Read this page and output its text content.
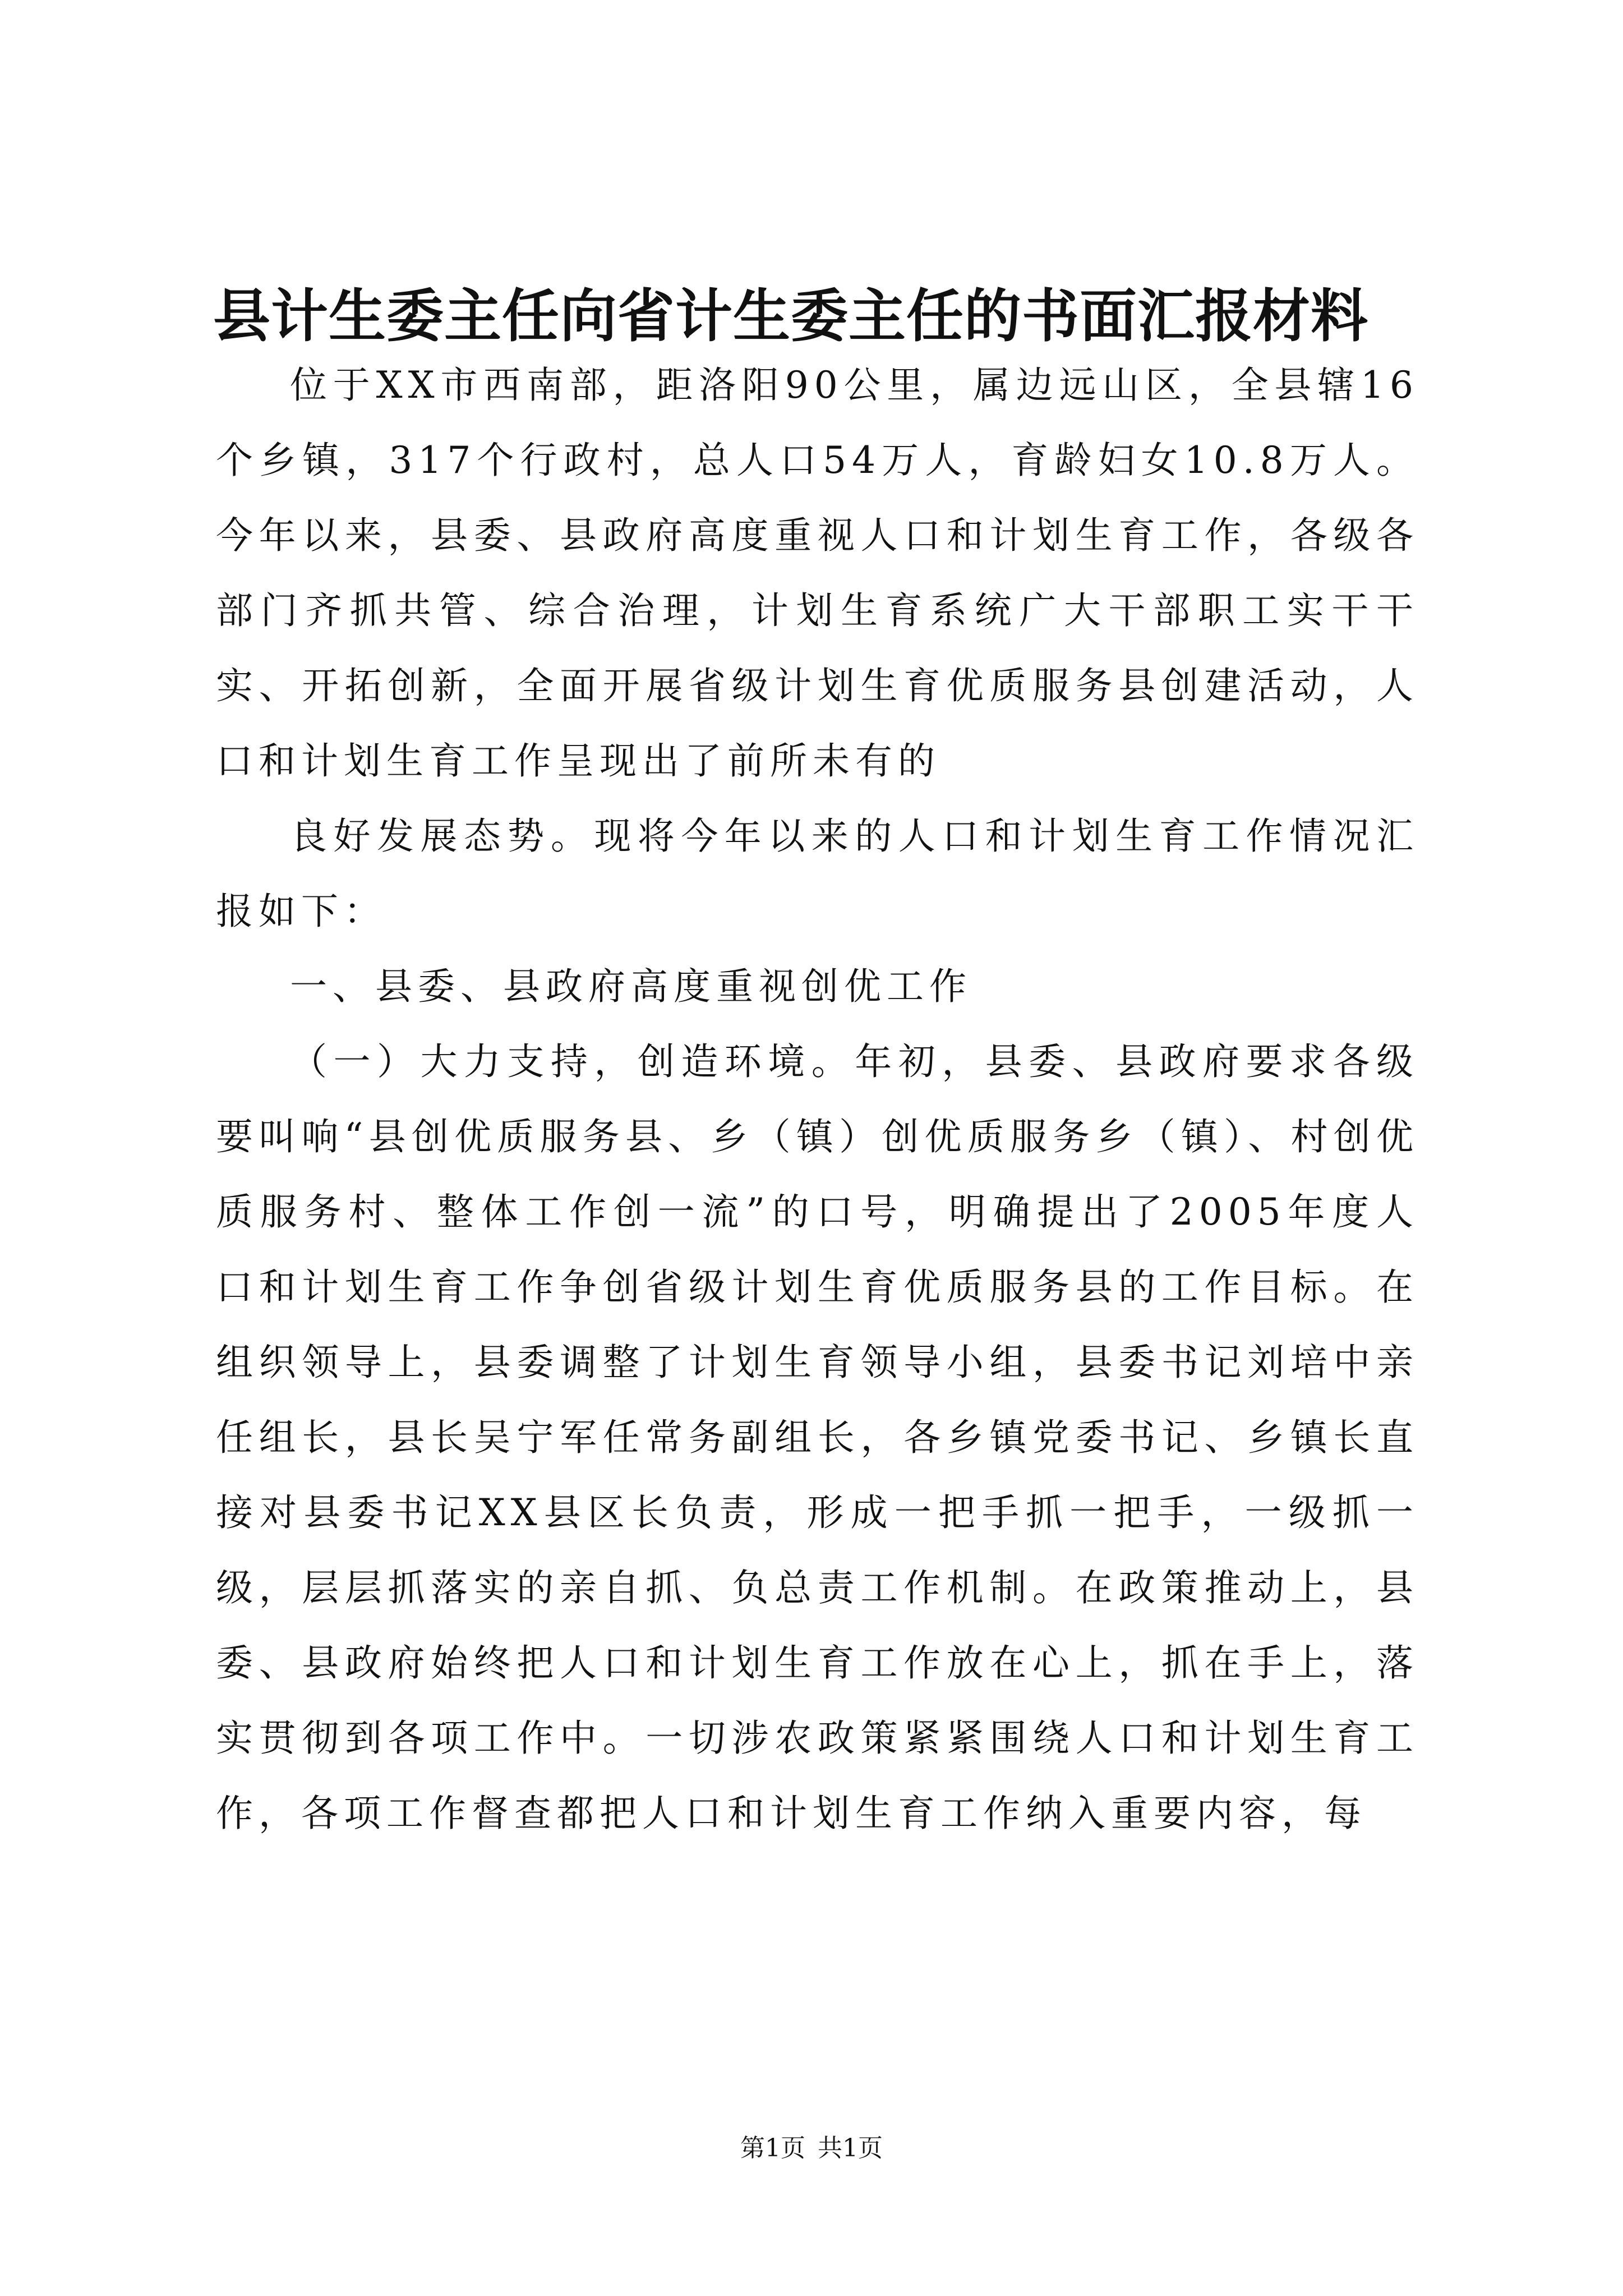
县计生委主任向省计生委主任的书面汇报材料

位于XX市西南部，距洛阳90公里，属边远山区，全县辖16个乡镇，317个行政村，总人口54万人，育龄妇女10.8万人。今年以来，县委、县政府高度重视人口和计划生育工作，各级各部门齐抓共管、综合治理，计划生育系统广大干部职工实干干实、开拓创新，全面开展省级计划生育优质服务县创建活动，人口和计划生育工作呈现出了前所未有的

良好发展态势。现将今年以来的人口和计划生育工作情况汇报如下：

一、县委、县政府高度重视创优工作

（一）大力支持，创造环境。年初，县委、县政府要求各级要叫响“县创优质服务县、乡（镇）创优质服务乡（镇）、村创优质服务村、整体工作创一流”的口号，明确提出了2005年度人口和计划生育工作争创省级计划生育优质服务县的工作目标。在组织领导上，县委调整了计划生育领导小组，县委书记刘培中亲任组长，县长吴宁军任常务副组长，各乡镇党委书记、乡镇长直接对县委书记XX县区长负责，形成一把手抓一把手，一级抓一级，层层抓落实的亲自抓、负总责工作机制。在政策推动上，县委、县政府始终把人口和计划生育工作放在心上，抓在手上，落实贯彻到各项工作中。一切涉农政策紧紧围绕人口和计划生育工作，各项工作督查都把人口和计划生育工作纳入重要内容，每

第1页 共1页
